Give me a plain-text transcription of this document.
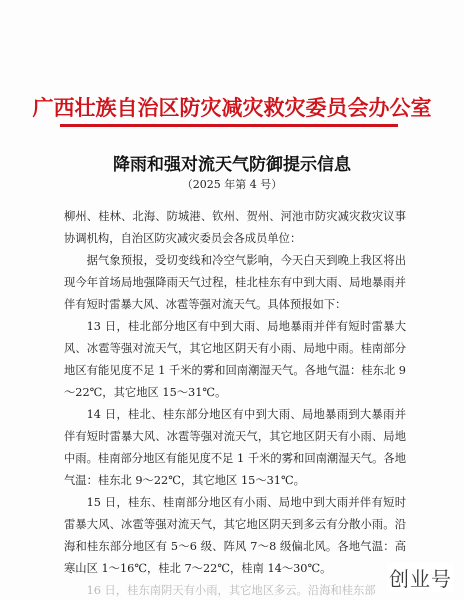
广西壮族自治区防灾减灾救灾委员会办公室
降雨和强对流天气防御提示信息
（2025 年第 4 号）

柳州、桂林、北海、防城港、钦州、贺州、河池市防灾减灾救灾议事协调机构，自治区防灾减灾委员会各成员单位：

据气象预报，受切变线和冷空气影响，今天白天到晚上我区将出现今年首场局地强降雨天气过程，桂北桂东有中到大雨、局地暴雨并伴有短时雷暴大风、冰雹等强对流天气。具体预报如下：

13 日，桂北部分地区有中到大雨、局地暴雨并伴有短时雷暴大风、冰雹等强对流天气，其它地区阴天有小雨、局地中雨。桂南部分地区有能见度不足 1 千米的雾和回南潮湿天气。各地气温：桂东北 9～22℃，其它地区 15～31℃。

14 日，桂北、桂东部分地区有中到大雨、局地暴雨到大暴雨并伴有短时雷暴大风、冰雹等强对流天气，其它地区阴天有小雨、局地中雨。桂南部分地区有能见度不足 1 千米的雾和回南潮湿天气。各地气温：桂东北 9～22℃，其它地区 15～31℃。

15 日，桂东、桂南部分地区有小雨、局地中到大雨并伴有短时雷暴大风、冰雹等强对流天气，其它地区阴天到多云有分散小雨。沿海和桂东部分地区有 5～6 级、阵风 7～8 级偏北风。各地气温：高寒山区 1～16℃，桂北 7～22℃，桂南 14～30℃。

16 日，桂东南阴天有小雨，其它地区多云。沿海和桂东部 创业号
